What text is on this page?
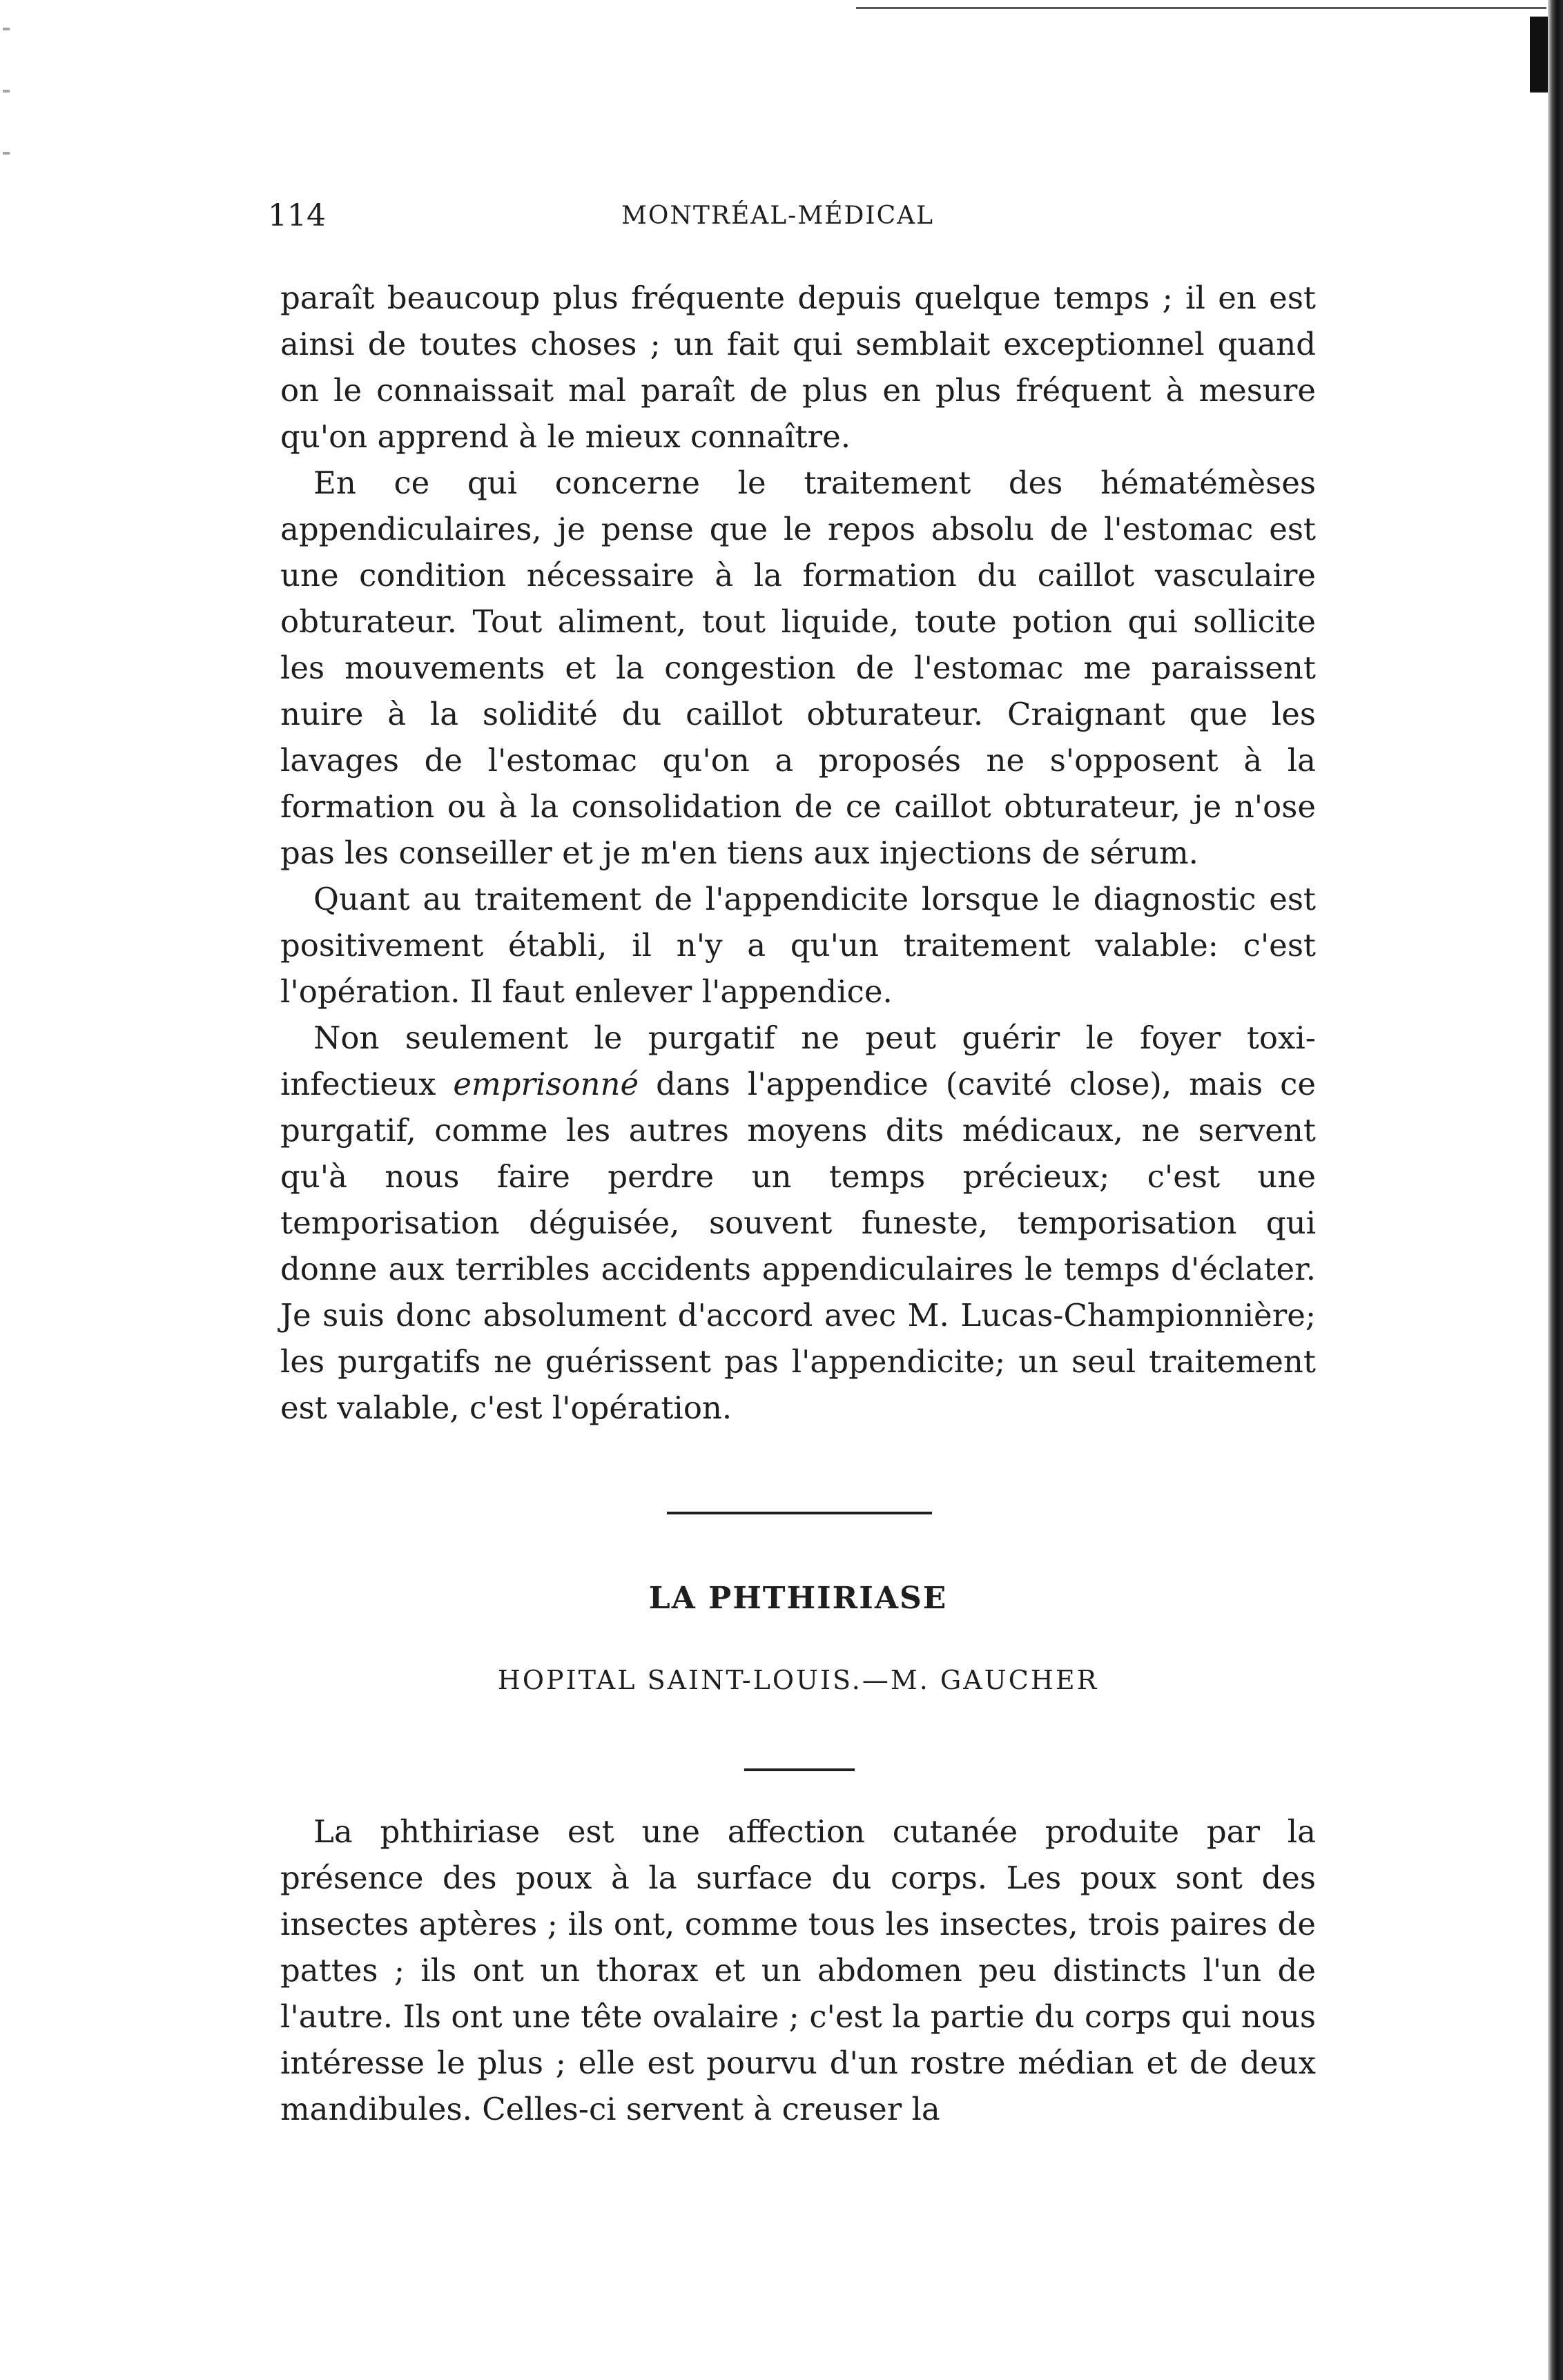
114	MONTRÉAL-MÉDICAL

paraît beaucoup plus fréquente depuis quelque temps ; il en est ainsi de toutes choses ; un fait qui semblait exceptionnel quand on le connaissait mal paraît de plus en plus fréquent à mesure qu'on apprend à le mieux connaître.

En ce qui concerne le traitement des hématémèses appendiculaires, je pense que le repos absolu de l'estomac est une condition nécessaire à la formation du caillot vasculaire obturateur. Tout aliment, tout liquide, toute potion qui sollicite les mouvements et la congestion de l'estomac me paraissent nuire à la solidité du caillot obturateur. Craignant que les lavages de l'estomac qu'on a proposés ne s'opposent à la formation ou à la consolidation de ce caillot obturateur, je n'ose pas les conseiller et je m'en tiens aux injections de sérum.

Quant au traitement de l'appendicite lorsque le diagnostic est positivement établi, il n'y a qu'un traitement valable: c'est l'opération. Il faut enlever l'appendice.

Non seulement le purgatif ne peut guérir le foyer toxi-infectieux emprisonné dans l'appendice (cavité close), mais ce purgatif, comme les autres moyens dits médicaux, ne servent qu'à nous faire perdre un temps précieux; c'est une temporisation déguisée, souvent funeste, temporisation qui donne aux terribles accidents appendiculaires le temps d'éclater. Je suis donc absolument d'accord avec M. Lucas-Championnière; les purgatifs ne guérissent pas l'appendicite; un seul traitement est valable, c'est l'opération.

LA PHTHIRIASE
HOPITAL SAINT-LOUIS.—M. GAUCHER

La phthiriase est une affection cutanée produite par la présence des poux à la surface du corps. Les poux sont des insectes aptères ; ils ont, comme tous les insectes, trois paires de pattes ; ils ont un thorax et un abdomen peu distincts l'un de l'autre. Ils ont une tête ovalaire ; c'est la partie du corps qui nous intéresse le plus ; elle est pourvu d'un rostre médian et de deux mandibules. Celles-ci servent à creuser la
